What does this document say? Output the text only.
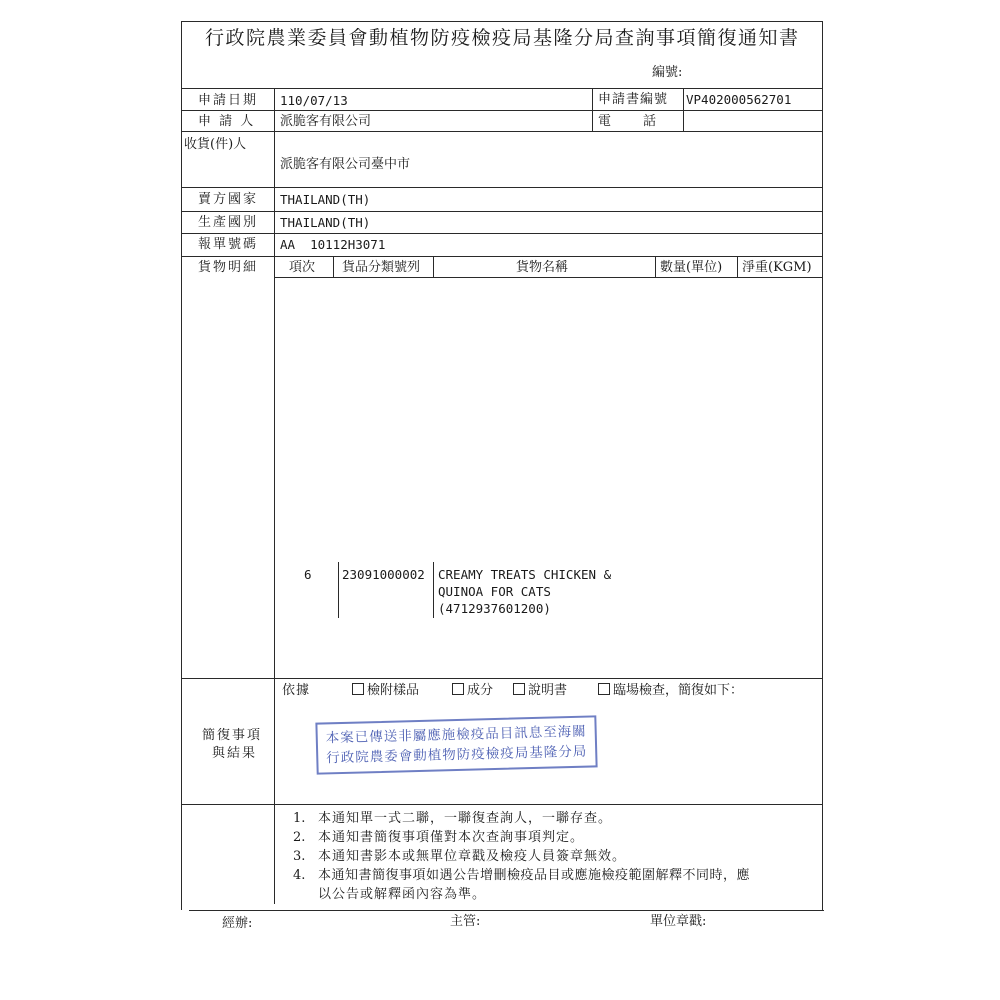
行政院農業委員會動植物防疫檢疫局基隆分局查詢事項簡復通知書
編號:
申請日期 110/07/13	申請書編號 VP402000562701
申 請 人 派脆客有限公司	電　　話
收貨(件)人
派脆客有限公司臺中市
賣方國家 THAILAND(TH)
生產國別 THAILAND(TH)
報單號碼 AA  10112H3071
貨物明細 項次 貨品分類號列	貨物名稱	數量(單位) 淨重(KGM)
6 23091000002 CREAMY TREATS CHICKEN &
QUINOA FOR CATS
(4712937601200)
簡復事項
與結果
依據	檢附樣品	成分	說明書	臨場檢查，簡復如下：
本案已傳送非屬應施檢疫品目訊息至海關
行政院農委會動植物防疫檢疫局基隆分局
1. 本通知單一式二聯，一聯復查詢人，一聯存查。
2. 本通知書簡復事項僅對本次查詢事項判定。
3. 本通知書影本或無單位章戳及檢疫人員簽章無效。
4. 本通知書簡復事項如遇公告增刪檢疫品目或應施檢疫範圍解釋不同時，應
以公告或解釋函內容為準。
經辦:	主管:	單位章戳:
